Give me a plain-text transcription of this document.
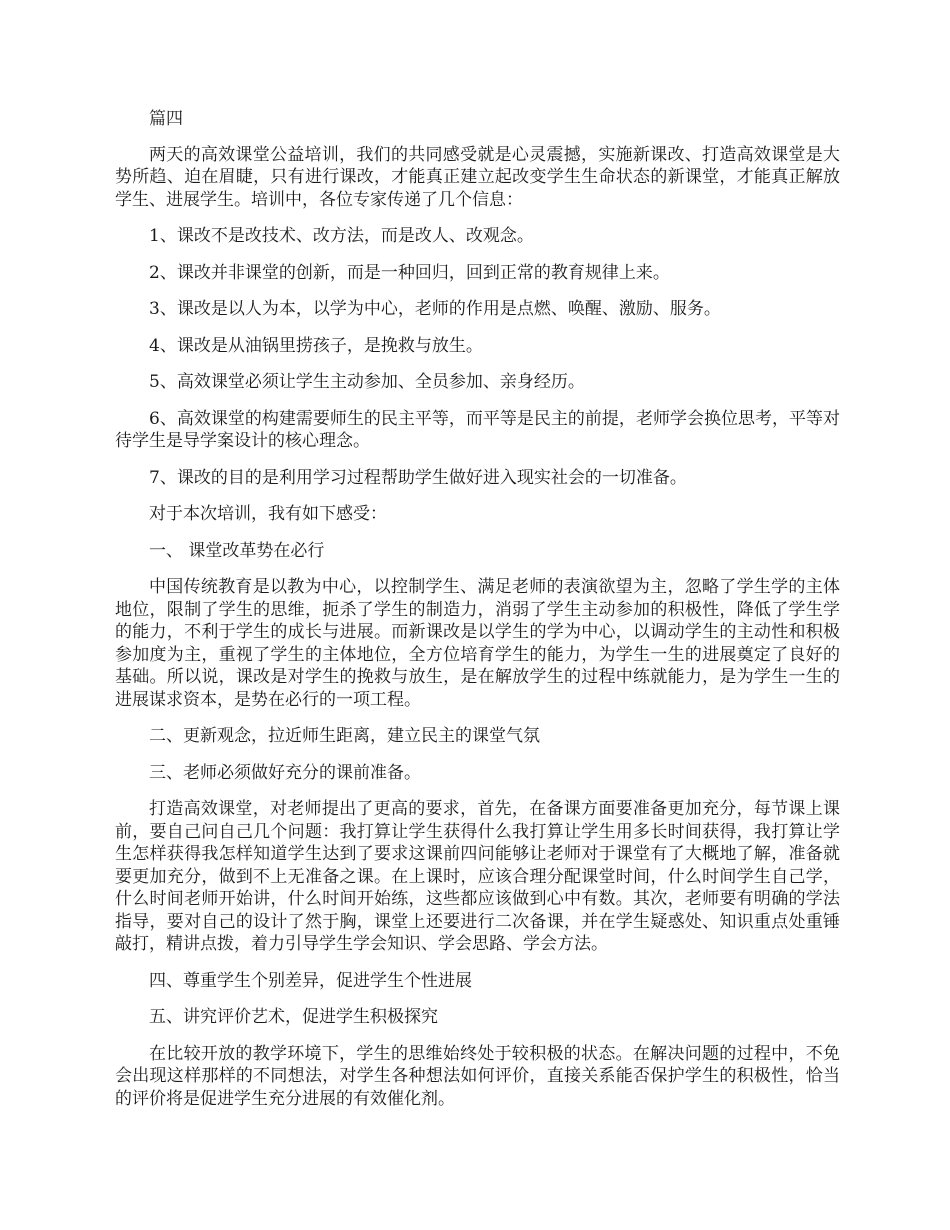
篇四

两天的高效课堂公益培训，我们的共同感受就是心灵震撼，实施新课改、打造高效课堂是大势所趋、迫在眉睫，只有进行课改，才能真正建立起改变学生生命状态的新课堂，才能真正解放学生、进展学生。培训中，各位专家传递了几个信息：

1、课改不是改技术、改方法，而是改人、改观念。

2、课改并非课堂的创新，而是一种回归，回到正常的教育规律上来。

3、课改是以人为本，以学为中心，老师的作用是点燃、唤醒、激励、服务。

4、课改是从油锅里捞孩子，是挽救与放生。

5、高效课堂必须让学生主动参加、全员参加、亲身经历。

6、高效课堂的构建需要师生的民主平等，而平等是民主的前提，老师学会换位思考，平等对待学生是导学案设计的核心理念。

7、课改的目的是利用学习过程帮助学生做好进入现实社会的一切准备。

对于本次培训，我有如下感受：

一、 课堂改革势在必行

中国传统教育是以教为中心，以控制学生、满足老师的表演欲望为主，忽略了学生学的主体地位，限制了学生的思维，扼杀了学生的制造力，消弱了学生主动参加的积极性，降低了学生学的能力，不利于学生的成长与进展。而新课改是以学生的学为中心，以调动学生的主动性和积极参加度为主，重视了学生的主体地位，全方位培育学生的能力，为学生一生的进展奠定了良好的基础。所以说，课改是对学生的挽救与放生，是在解放学生的过程中练就能力，是为学生一生的进展谋求资本，是势在必行的一项工程。

二、更新观念，拉近师生距离，建立民主的课堂气氛

三、老师必须做好充分的课前准备。

打造高效课堂，对老师提出了更高的要求，首先，在备课方面要准备更加充分，每节课上课前，要自己问自己几个问题：我打算让学生获得什么我打算让学生用多长时间获得，我打算让学生怎样获得我怎样知道学生达到了要求这课前四问能够让老师对于课堂有了大概地了解，准备就要更加充分，做到不上无准备之课。在上课时，应该合理分配课堂时间，什么时间学生自己学，什么时间老师开始讲，什么时间开始练，这些都应该做到心中有数。其次，老师要有明确的学法指导，要对自己的设计了然于胸，课堂上还要进行二次备课，并在学生疑惑处、知识重点处重锤敲打，精讲点拨，着力引导学生学会知识、学会思路、学会方法。

四、尊重学生个别差异，促进学生个性进展

五、讲究评价艺术，促进学生积极探究

在比较开放的教学环境下，学生的思维始终处于较积极的状态。在解决问题的过程中，不免会出现这样那样的不同想法，对学生各种想法如何评价，直接关系能否保护学生的积极性，恰当的评价将是促进学生充分进展的有效催化剂。
